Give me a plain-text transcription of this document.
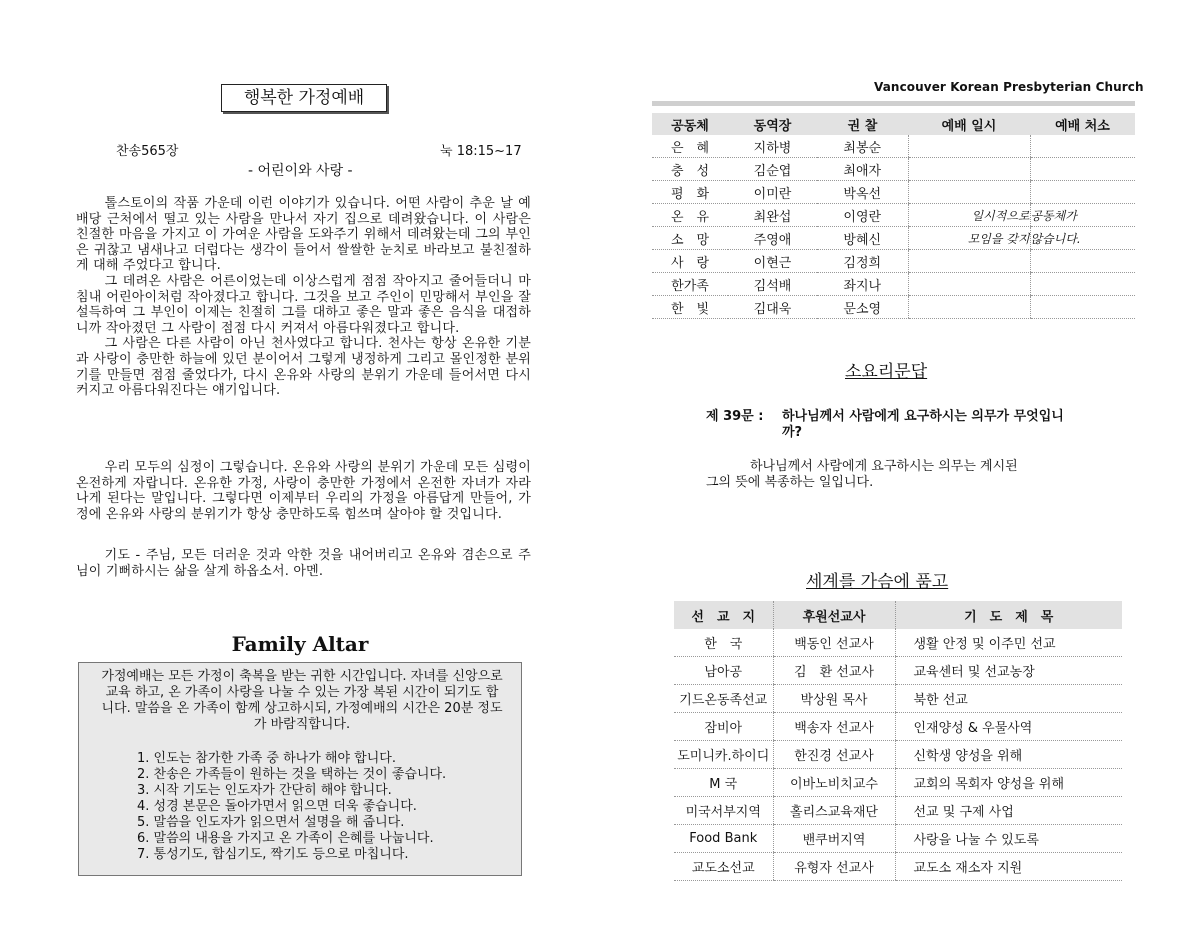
행복한 가정예배
찬송565장	눅 18:15~17
- 어린이와 사랑 -

톨스토이의 작품 가운데 이런 이야기가 있습니다. 어떤 사람이 추운 날 예배당 근처에서 떨고 있는 사람을 만나서 자기 집으로 데려왔습니다. 이 사람은 친절한 마음을 가지고 이 가여운 사람을 도와주기 위해서 데려왔는데 그의 부인은 귀찮고 냄새나고 더럽다는 생각이 들어서 쌀쌀한 눈치로 바라보고 불친절하게 대해 주었다고 합니다.

그 데려온 사람은 어른이었는데 이상스럽게 점점 작아지고 줄어들더니 마침내 어린아이처럼 작아졌다고 합니다. 그것을 보고 주인이 민망해서 부인을 잘 설득하여 그 부인이 이제는 친절히 그를 대하고 좋은 말과 좋은 음식을 대접하니까 작아졌던 그 사람이 점점 다시 커져서 아름다워졌다고 합니다.

그 사람은 다른 사람이 아닌 천사였다고 합니다. 천사는 항상 온유한 기분과 사랑이 충만한 하늘에 있던 분이어서 그렇게 냉정하게 그리고 몰인정한 분위기를 만들면 점점 줄었다가, 다시 온유와 사랑의 분위기 가운데 들어서면 다시 커지고 아름다워진다는 얘기입니다.

우리 모두의 심정이 그렇습니다. 온유와 사랑의 분위기 가운데 모든 심령이 온전하게 자랍니다. 온유한 가정, 사랑이 충만한 가정에서 온전한 자녀가 자라나게 된다는 말입니다. 그렇다면 이제부터 우리의 가정을 아름답게 만들어, 가정에 온유와 사랑의 분위기가 항상 충만하도록 힘쓰며 살아야 할 것입니다.

기도 - 주님, 모든 더러운 것과 악한 것을 내어버리고 온유와 겸손으로 주님이 기뻐하시는 삶을 살게 하옵소서. 아멘.

Family Altar

가정예배는 모든 가정이 축복을 받는 귀한 시간입니다. 자녀를 신앙으로 교육 하고, 온 가족이 사랑을 나눌 수 있는 가장 복된 시간이 되기도 합니다. 말씀을 온 가족이 함께 상고하시되, 가정예배의 시간은 20분 정도가 바람직합니다.

1. 인도는 참가한 가족 중 하나가 해야 합니다.
2. 찬송은 가족들이 원하는 것을 택하는 것이 좋습니다.
3. 시작 기도는 인도자가 간단히 해야 합니다.
4. 성경 본문은 돌아가면서 읽으면 더욱 좋습니다.
5. 말씀을 인도자가 읽으면서 설명을 해 줍니다.
6. 말씀의 내용을 가지고 온 가족이 은혜를 나눕니다.
7. 통성기도, 합심기도, 짝기도 등으로 마칩니다.
Vancouver Korean Presbyterian Church
공동체	동역장	권 찰	예배 일시	예배 처소
은　혜	지하병	최봉순		
충　성	김순엽	최애자		
평　화	이미란	박옥선		
온　유	최완섭	이영란	일시적으로	공동체가
소　망	주영애	방혜신	모임을 갖지	않습니다.
사　랑	이현근	김정희		
한가족	김석배	좌지나		
한　빛	김대욱	문소영		
소요리문답
제 39문 : 하나님께서 사람에게 요구하시는 의무가 무엇입니까?
하나님께서 사람에게 요구하시는 의무는 계시된
그의 뜻에 복종하는 일입니다.
세계를 가슴에 품고
선　교　지	후원선교사	기　도　제　목
한　국	백동인 선교사	생활 안정 및 이주민 선교
남아공	김　환 선교사	교육센터 및 선교농장
기드온동족선교	박상원 목사	북한 선교
잠비아	백송자 선교사	인재양성 & 우물사역
도미니카.하이디	한진경 선교사	신학생 양성을 위해
M 국	이바노비치교수	교회의 목회자 양성을 위해
미국서부지역	홀리스교육재단	선교 및 구제 사업
Food Bank	밴쿠버지역	사랑을 나눌 수 있도록
교도소선교	유형자 선교사	교도소 재소자 지원
